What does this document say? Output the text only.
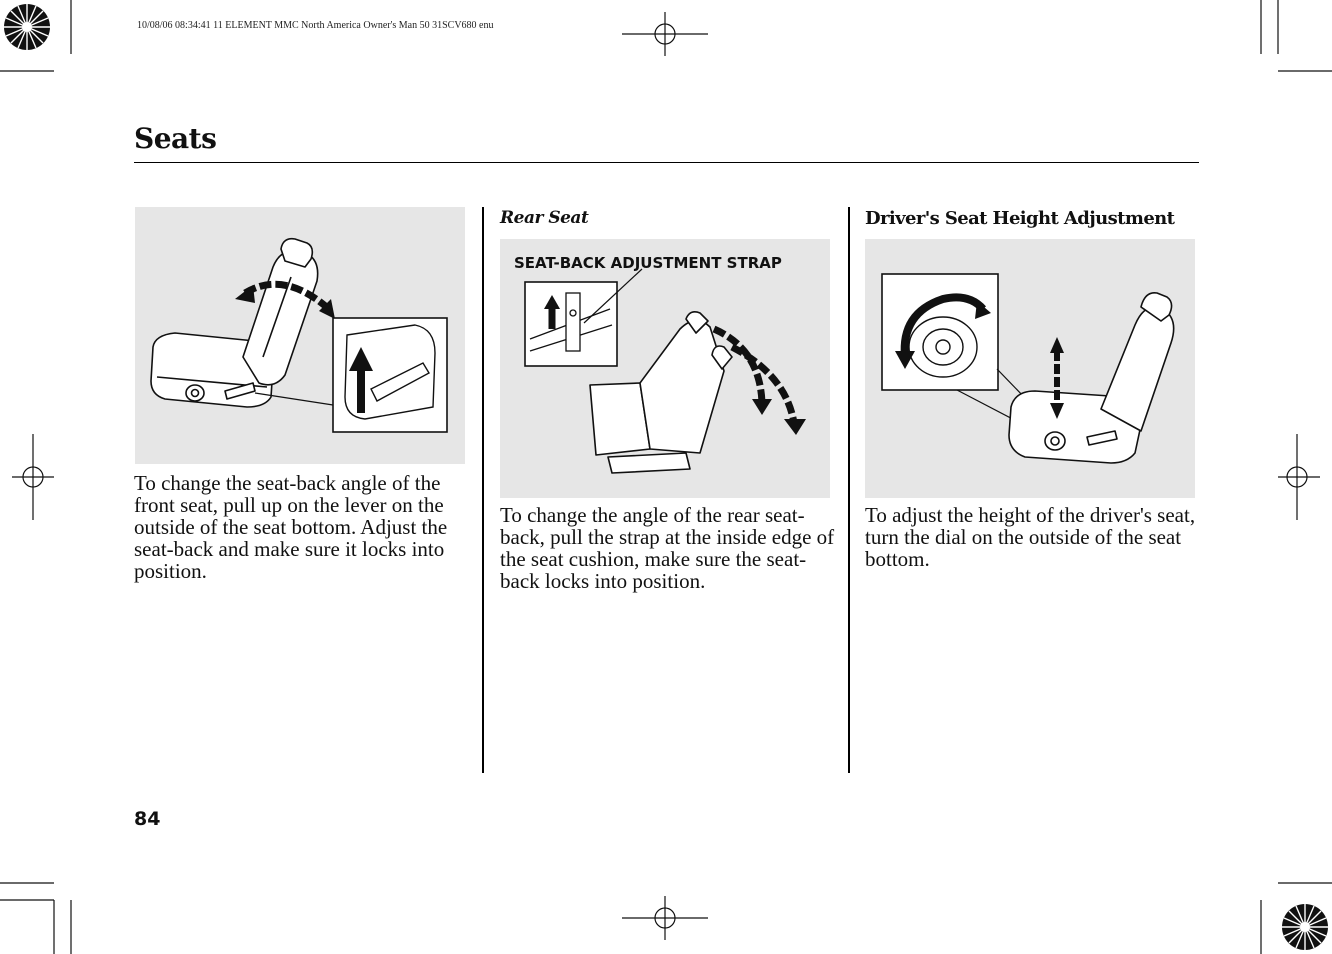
10/08/06 08:34:41 11 ELEMENT MMC North America Owner's Man 50 31SCV680 enu
Seats

To change the seat-back angle of the front seat, pull up on the lever on the outside of the seat bottom. Adjust the seat-back and make sure it locks into position.

Rear Seat
SEAT-BACK ADJUSTMENT STRAP

To change the angle of the rear seat-back, pull the strap at the inside edge of the seat cushion, make sure the seat-back locks into position.

Driver's Seat Height Adjustment

To adjust the height of the driver's seat, turn the dial on the outside of the seat bottom.

84
